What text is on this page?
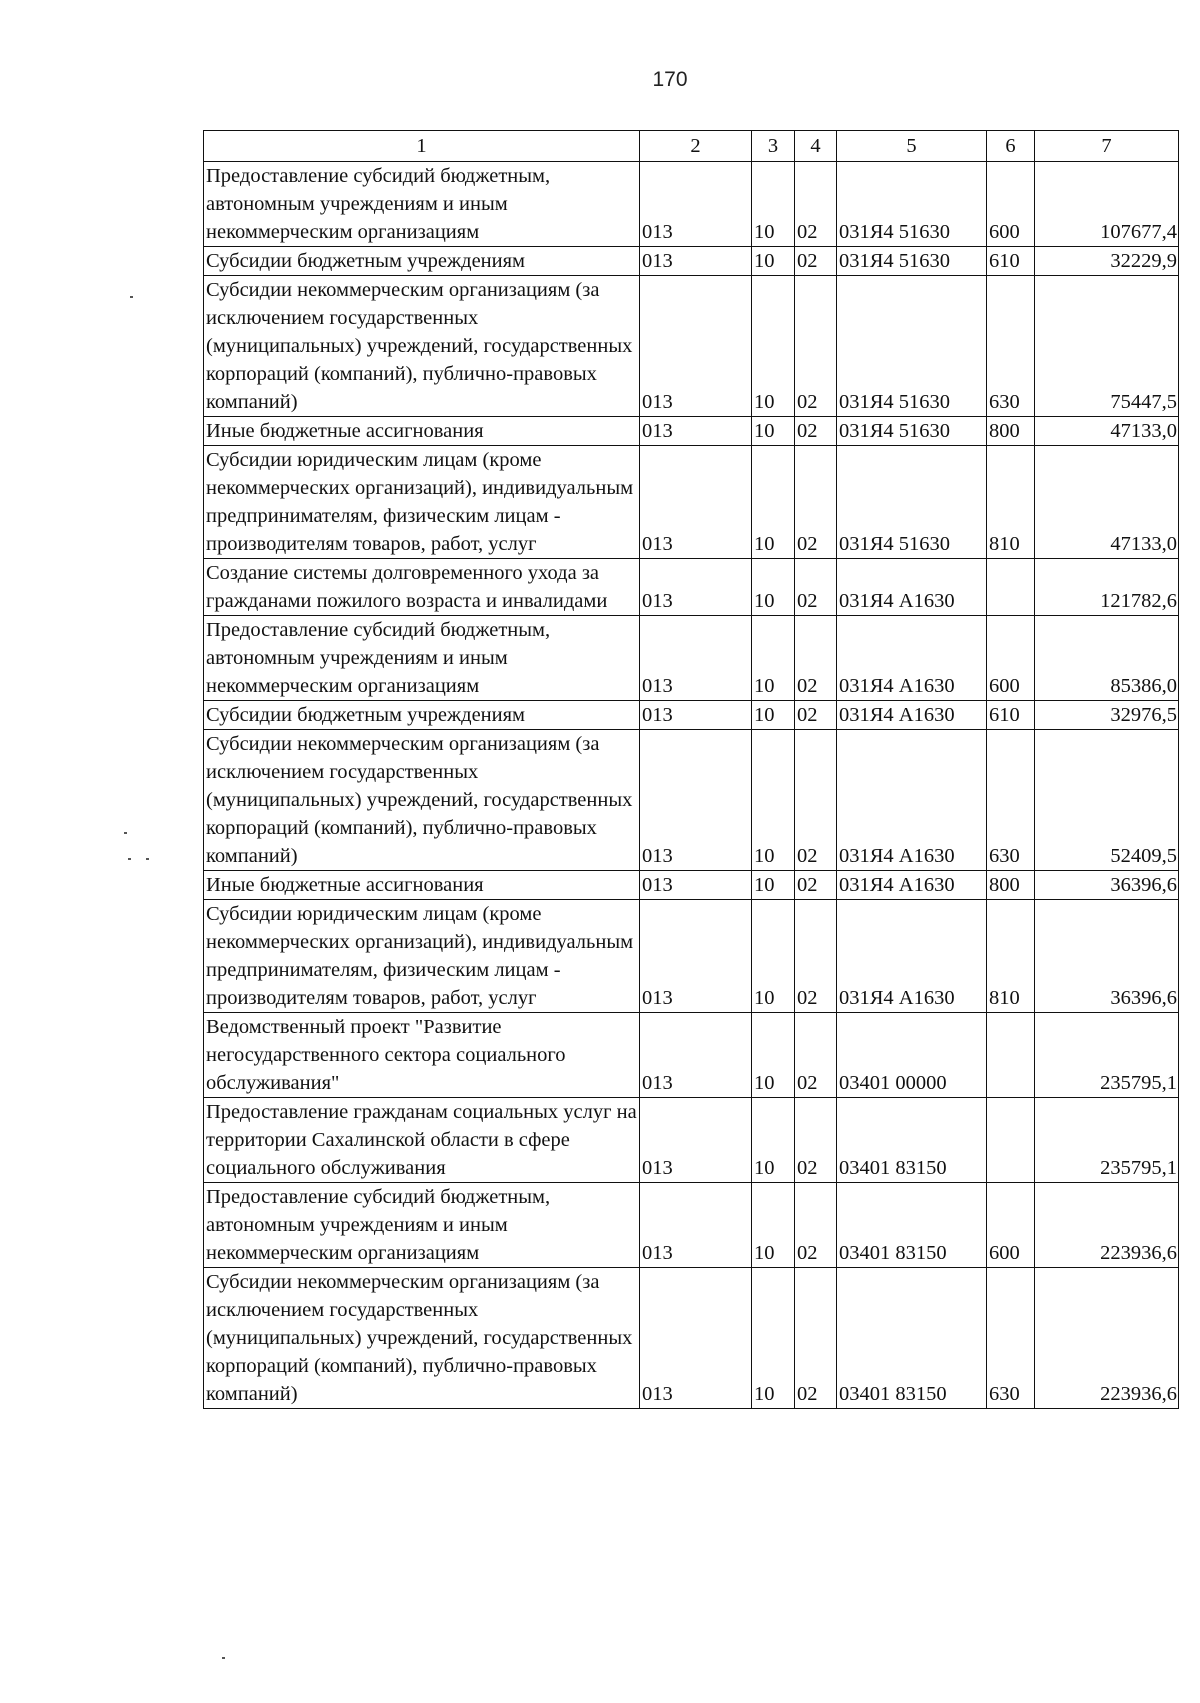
170
1	2	3	4	5	6	7
Предоставление субсидий бюджетным, автономным учреждениям и иным некоммерческим организациям	013	10	02	031Я4 51630	600	107677,4
Субсидии бюджетным учреждениям	013	10	02	031Я4 51630	610	32229,9
Субсидии некоммерческим организациям (за исключением государственных (муниципальных) учреждений, государственных корпораций (компаний), публично-правовых компаний)	013	10	02	031Я4 51630	630	75447,5
Иные бюджетные ассигнования	013	10	02	031Я4 51630	800	47133,0
Субсидии юридическим лицам (кроме некоммерческих организаций), индивидуальным предпринимателям, физическим лицам - производителям товаров, работ, услуг	013	10	02	031Я4 51630	810	47133,0
Создание системы долговременного ухода за гражданами пожилого возраста и инвалидами	013	10	02	031Я4 A1630		121782,6
Предоставление субсидий бюджетным, автономным учреждениям и иным некоммерческим организациям	013	10	02	031Я4 A1630	600	85386,0
Субсидии бюджетным учреждениям	013	10	02	031Я4 A1630	610	32976,5
Субсидии некоммерческим организациям (за исключением государственных (муниципальных) учреждений, государственных корпораций (компаний), публично-правовых компаний)	013	10	02	031Я4 A1630	630	52409,5
Иные бюджетные ассигнования	013	10	02	031Я4 A1630	800	36396,6
Субсидии юридическим лицам (кроме некоммерческих организаций), индивидуальным предпринимателям, физическим лицам - производителям товаров, работ, услуг	013	10	02	031Я4 A1630	810	36396,6
Ведомственный проект "Развитие негосударственного сектора социального обслуживания"	013	10	02	03401 00000		235795,1
Предоставление гражданам социальных услуг на территории Сахалинской области в сфере социального обслуживания	013	10	02	03401 83150		235795,1
Предоставление субсидий бюджетным, автономным учреждениям и иным некоммерческим организациям	013	10	02	03401 83150	600	223936,6
Субсидии некоммерческим организациям (за исключением государственных (муниципальных) учреждений, государственных корпораций (компаний), публично-правовых компаний)	013	10	02	03401 83150	630	223936,6
